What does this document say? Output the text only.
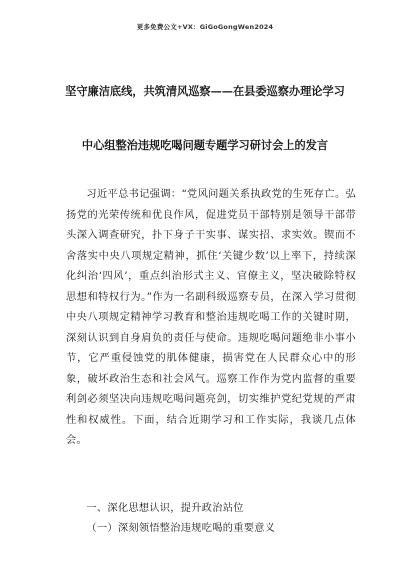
更多免费公文+VX：GiGoGongWen2024
坚守廉洁底线，共筑清风巡察——在县委巡察办理论学习
中心组整治违规吃喝问题专题学习研讨会上的发言

习近平总书记强调：“党风问题关系执政党的生死存亡。弘扬党的光荣传统和优良作风，促进党员干部特别是领导干部带头深入调查研究，扑下身子干实事、谋实招、求实效。锲而不舍落实中央八项规定精神，抓住‘关键少数’以上率下，持续深化纠治‘四风’，重点纠治形式主义、官僚主义，坚决破除特权思想和特权行为。”作为一名副科级巡察专员，在深入学习贯彻中央八项规定精神学习教育和整治违规吃喝工作的关键时期，深刻认识到自身肩负的责任与使命。违规吃喝问题绝非小事小节，它严重侵蚀党的肌体健康，损害党在人民群众心中的形象，破坏政治生态和社会风气。巡察工作作为党内监督的重要利剑必须坚决向违规吃喝问题亮剑，切实维护党纪党规的严肃性和权威性。下面，结合近期学习和工作实际，我谈几点体会。

一、深化思想认识，提升政治站位
（一）深刻领悟整治违规吃喝的重要意义
